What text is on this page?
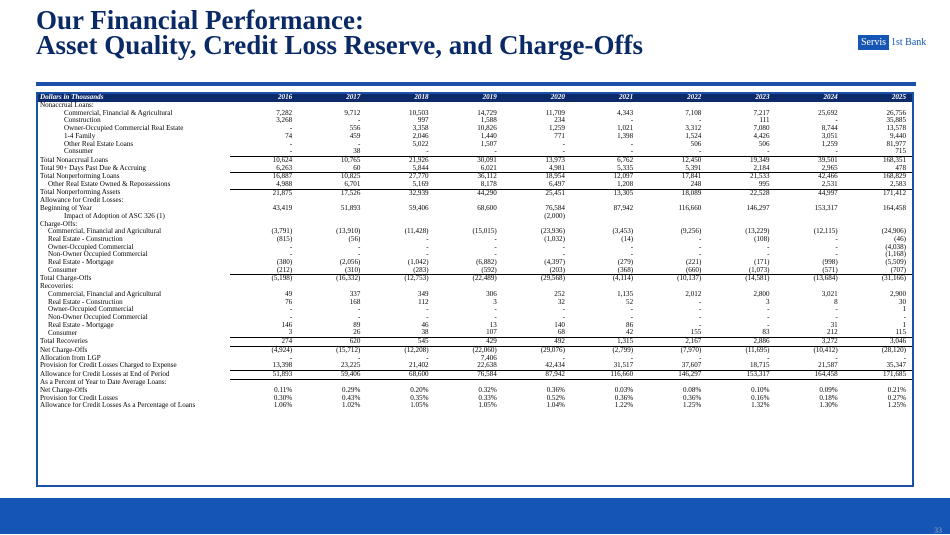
Our Financial Performance:
Asset Quality, Credit Loss Reserve, and Charge-Offs	Servis 1st Bank
Dollars in Thousands	2016	2017	2018	2019	2020	2021	2022	2023	2024	2025
Nonaccrual Loans:										
Commercial, Financial & Agricultural	7,282	9,712	10,503	14,729	11,709	4,343	7,108	7,217	25,692	26,756
Construction	3,268	-	997	1,588	234	-	-	111	-	35,885
Owner-Occupied Commercial Real Estate	-	556	3,358	10,826	1,259	1,021	3,312	7,080	8,744	13,578
1-4 Family	74	459	2,046	1,440	771	1,398	1,524	4,426	3,051	9,440
Other Real Estate Loans	-	-	5,022	1,507	-	-	506	506	1,259	81,977
Consumer	-	38	-	-	-	-	-	-	-	715
Total Nonaccrual Loans	10,624	10,765	21,926	30,091	13,973	6,762	12,450	19,349	39,501	168,351
Total 90+ Days Past Due & Accruing	6,263	60	5,844	6,021	4,981	5,335	5,391	2,184	2,965	478
Total Nonperforming Loans	16,887	10,825	27,770	36,112	18,954	12,097	17,841	21,533	42,466	168,829
Other Real Estate Owned & Repossessions	4,988	6,701	5,169	8,178	6,497	1,208	248	995	2,531	2,583
Total Nonperforming Assets	21,875	17,526	32,939	44,290	25,451	13,305	18,089	22,528	44,997	171,412
Allowance for Credit Losses:										
Beginning of Year	43,419	51,893	59,406	68,600	76,584	87,942	116,660	146,297	153,317	164,458
Impact of Adoption of ASC 326 (1)					(2,000)					
Charge-Offs:										
Commercial, Financial and Agricultural	(3,791)	(13,910)	(11,428)	(15,015)	(23,936)	(3,453)	(9,256)	(13,229)	(12,115)	(24,906)
Real Estate - Construction	(815)	(56)	-	-	(1,032)	(14)	-	(108)	-	(46)
Owner-Occupied Commercial	-	-	-	-	-	-	-	-	-	(4,038)
Non-Owner Occupied Commercial	-	-	-	-	-	-	-	-	-	(1,168)
Real Estate - Mortgage	(380)	(2,056)	(1,042)	(6,882)	(4,397)	(279)	(221)	(171)	(998)	(5,509)
Consumer	(212)	(310)	(283)	(592)	(203)	(368)	(660)	(1,073)	(571)	(707)
Total Charge-Offs	(5,198)	(16,332)	(12,753)	(22,489)	(29,568)	(4,114)	(10,137)	(14,581)	(13,684)	(31,166)
Recoveries:										
Commercial, Financial and Agricultural	49	337	349	306	252	1,135	2,012	2,800	3,021	2,900
Real Estate - Construction	76	168	112	3	32	52	-	3	8	30
Owner-Occupied Commercial	-	-	-	-	-	-	-	-	-	1
Non-Owner Occupied Commercial	-	-	-	-	-	-	-	-	-	-
Real Estate - Mortgage	146	89	46	13	140	86	-	-	31	1
Consumer	3	26	38	107	68	42	155	83	212	115
Total Recoveries	274	620	545	429	492	1,315	2,167	2,886	3,272	3,046
Net Charge-Offs	(4,924)	(15,712)	(12,208)	(22,060)	(29,076)	(2,799)	(7,970)	(11,695)	(10,412)	(28,120)
Allocation from LGP	-	-	-	7,406	-	-	-	-	-	-
Provision for Credit Losses Charged to Expense	13,398	23,225	21,402	22,638	42,434	31,517	37,607	18,715	21,587	35,347
Allowance for Credit Losses at End of Period	51,893	59,406	68,600	76,584	87,942	116,660	146,297	153,317	164,458	171,685
As a Percent of Year to Date Average Loans:										
Net Charge-Offs	0.11%	0.29%	0.20%	0.32%	0.36%	0.03%	0.08%	0.10%	0.09%	0.21%
Provision for Credit Losses	0.30%	0.43%	0.35%	0.33%	0.52%	0.36%	0.36%	0.16%	0.18%	0.27%
Allowance for Credit Losses As a Percentage of Loans	1.06%	1.02%	1.05%	1.05%	1.04%	1.22%	1.25%	1.32%	1.30%	1.25%
33
